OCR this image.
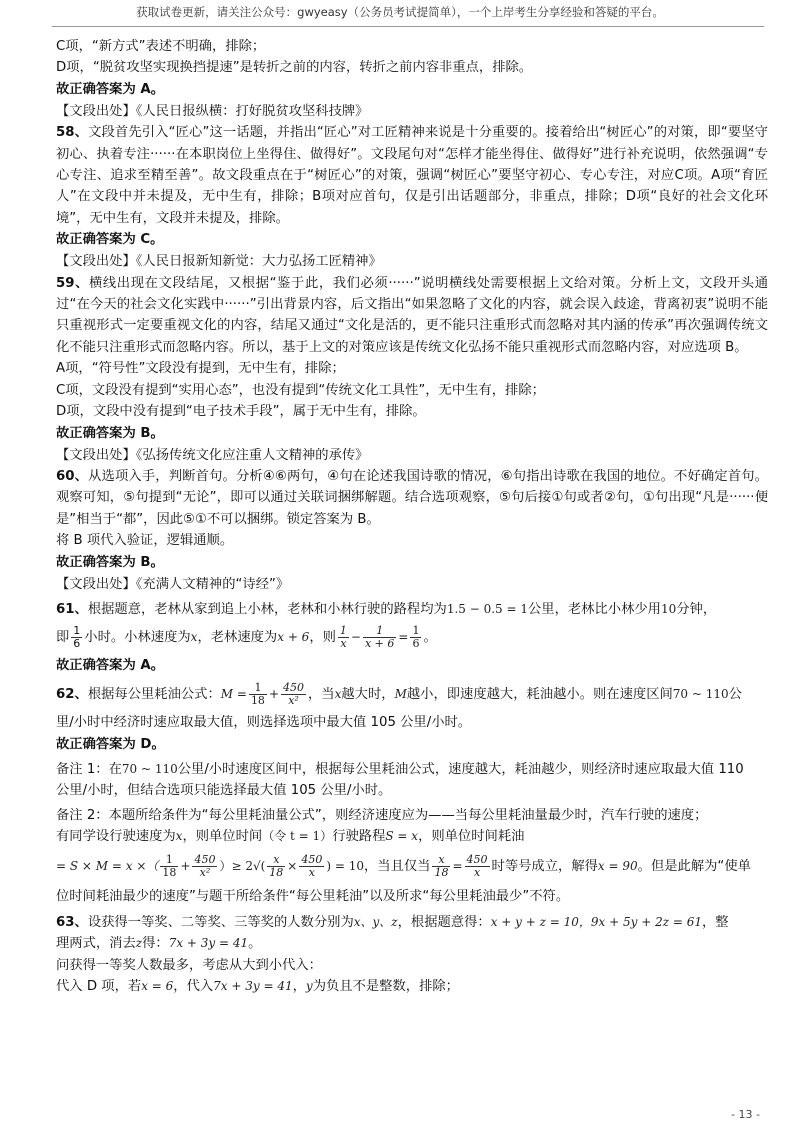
获取试卷更新，请关注公众号：gwyeasy（公务员考试提简单），一个上岸考生分享经验和答疑的平台。
C项，“新方式”表述不明确，排除；
D项，“脱贫攻坚实现换挡提速”是转折之前的内容，转折之前内容非重点，排除。
故正确答案为 A。
【文段出处】《人民日报纵横：打好脱贫攻坚科技牌》
58、文段首先引入“匠心”这一话题，并指出“匠心”对工匠精神来说是十分重要的。接着给出“树匠心”的对策，即“要坚守初心、执着专注······在本职岗位上坐得住、做得好”。文段尾句对“怎样才能坐得住、做得好”进行补充说明，依然强调“专心专注、追求至精至善”。故文段重点在于“树匠心”的对策，强调“树匠心”要坚守初心、专心专注，对应C项。A项“育匠人”在文段中并未提及，无中生有，排除；B项对应首句，仅是引出话题部分，非重点，排除；D项“良好的社会文化环境”，无中生有，文段并未提及，排除。
故正确答案为 C。
【文段出处】《人民日报新知新觉：大力弘扬工匠精神》
59、横线出现在文段结尾，又根据“鉴于此，我们必须······”说明横线处需要根据上文给对策。分析上文，文段开头通过“在今天的社会文化实践中······”引出背景内容，后文指出“如果忽略了文化的内容，就会误入歧途，背离初衷”说明不能只重视形式一定要重视文化的内容，结尾又通过“文化是活的，更不能只注重形式而忽略对其内涵的传承”再次强调传统文化不能只注重形式而忽略内容。所以，基于上文的对策应该是传统文化弘扬不能只重视形式而忽略内容，对应选项 B。
A项，“符号性”文段没有提到，无中生有，排除；
C项，文段没有提到“实用心态”，也没有提到“传统文化工具性”，无中生有，排除；
D项，文段中没有提到“电子技术手段”，属于无中生有，排除。
故正确答案为 B。
【文段出处】《弘扬传统文化应注重人文精神的承传》
60、从选项入手，判断首句。分析④⑥两句，④句在论述我国诗歌的情况，⑥句指出诗歌在我国的地位。不好确定首句。观察可知，⑤句提到“无论”，即可以通过关联词捆绑解题。结合选项观察，⑤句后接①句或者②句，①句出现“凡是······便是”相当于“都”，因此⑤①不可以捆绑。锁定答案为 B。
将 B 项代入验证，逻辑通顺。
故正确答案为 B。
【文段出处】《充满人文精神的“诗经”》
61、根据题意，老林从家到追上小林，老林和小林行驶的路程均为1.5 − 0.5 = 1公里，老林比小林少用10分钟，
即 $\frac{1}{6}$ 小时。小林速度为x，老林速度为x + 6，则 $\frac{1}{x} - \frac{1}{x + 6} = \frac{1}{6}$ 。
故正确答案为 A。
62、根据每公里耗油公式：$M = \frac{1}{18} + \frac{450}{\text{x²}}$ ，当x越大时，M越小，即速度越大，耗油越小。则在速度区间70 ~ 110公
里/小时中经济时速应取最大值，则选择选项中最大值 105 公里/小时。
故正确答案为 D。
备注 1：在70 ~ 110公里/小时速度区间中，根据每公里耗油公式，速度越大，耗油越少，则经济时速应取最大值 110
公里/小时，但结合选项只能选择最大值 105 公里/小时。
备注 2：本题所给条件为“每公里耗油量公式”，则经济速度应为——当每公里耗油量最少时，汽车行驶的速度；
有同学设行驶速度为x，则单位时间（令 t = 1）行驶路程S = x，则单位时间耗油
= S × M = x ×（ $\frac{1}{18} + \frac{450}{\text{x²}}$ ）≥ $2√( \frac{x}{18} \times \frac{450}{x}$ ) = 10，当且仅当 $\frac{x}{18} = \frac{450}{x}$ 时等号成立，解得x = 90。但是此解为“使单
位时间耗油最少的速度”与题干所给条件“每公里耗油”以及所求“每公里耗油最少”不符。
63、设获得一等奖、二等奖、三等奖的人数分别为x、y、z，根据题意得：x + y + z = 10，9x + 5y + 2z = 61，整
理两式，消去z得：7x + 3y = 41。
问获得一等奖人数最多，考虑从大到小代入：
代入 D 项，若x = 6，代入7x + 3y = 41，y为负且不是整数，排除；
- 13 -
